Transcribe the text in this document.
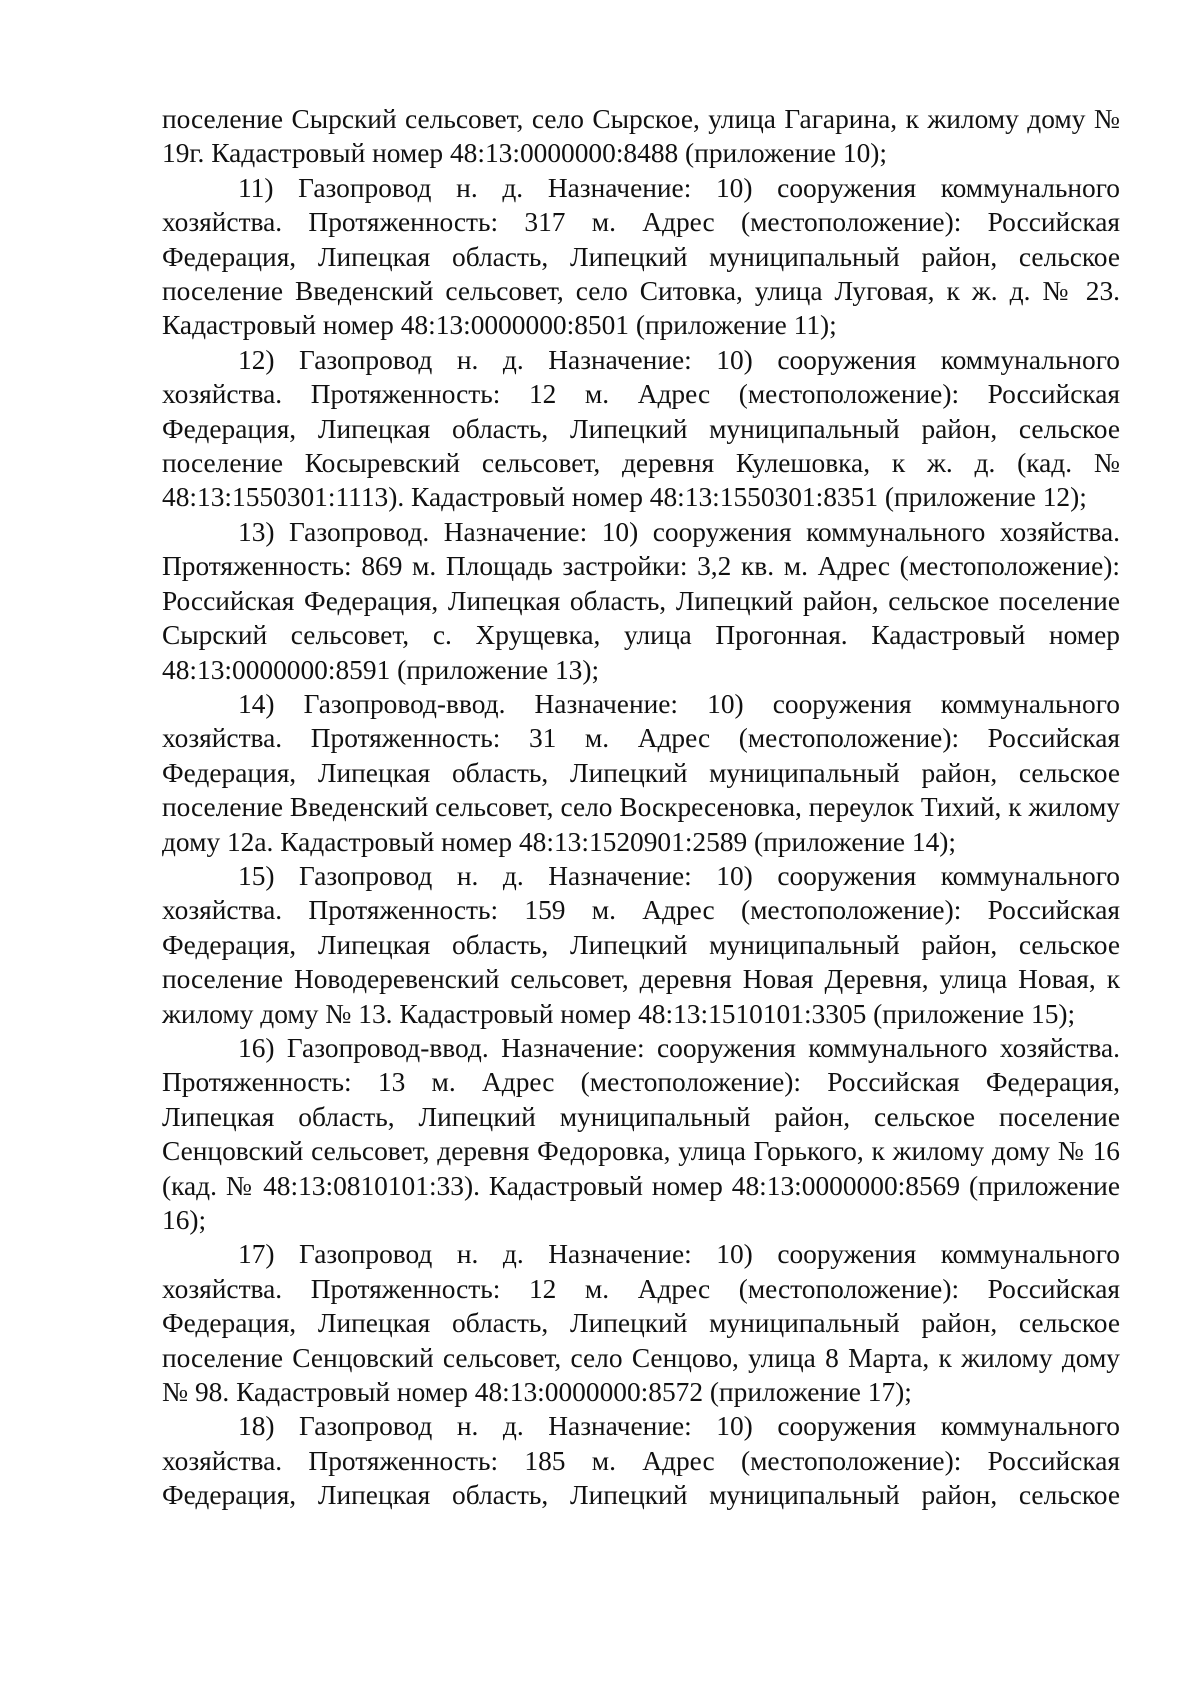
поселение Сырский сельсовет, село Сырское, улица Гагарина, к жилому дому № 19г. Кадастровый номер 48:13:0000000:8488 (приложение 10);

11) Газопровод н. д. Назначение: 10) сооружения коммунального хозяйства. Протяженность: 317 м. Адрес (местоположение): Российская Федерация, Липецкая область, Липецкий муниципальный район, сельское поселение Введенский сельсовет, село Ситовка, улица Луговая, к ж. д. № 23. Кадастровый номер 48:13:0000000:8501 (приложение 11);

12) Газопровод н. д. Назначение: 10) сооружения коммунального хозяйства. Протяженность: 12 м. Адрес (местоположение): Российская Федерация, Липецкая область, Липецкий муниципальный район, сельское поселение Косыревский сельсовет, деревня Кулешовка, к ж. д. (кад. № 48:13:1550301:1113). Кадастровый номер 48:13:1550301:8351 (приложение 12);

13) Газопровод. Назначение: 10) сооружения коммунального хозяйства. Протяженность: 869 м. Площадь застройки: 3,2 кв. м. Адрес (местоположение): Российская Федерация, Липецкая область, Липецкий район, сельское поселение Сырский сельсовет, с. Хрущевка, улица Прогонная. Кадастровый номер 48:13:0000000:8591 (приложение 13);

14) Газопровод-ввод. Назначение: 10) сооружения коммунального хозяйства. Протяженность: 31 м. Адрес (местоположение): Российская Федерация, Липецкая область, Липецкий муниципальный район, сельское поселение Введенский сельсовет, село Воскресеновка, переулок Тихий, к жилому дому 12а. Кадастровый номер 48:13:1520901:2589 (приложение 14);

15) Газопровод н. д. Назначение: 10) сооружения коммунального хозяйства. Протяженность: 159 м. Адрес (местоположение): Российская Федерация, Липецкая область, Липецкий муниципальный район, сельское поселение Новодеревенский сельсовет, деревня Новая Деревня, улица Новая, к жилому дому № 13. Кадастровый номер 48:13:1510101:3305 (приложение 15);

16) Газопровод-ввод. Назначение: сооружения коммунального хозяйства. Протяженность: 13 м. Адрес (местоположение): Российская Федерация, Липецкая область, Липецкий муниципальный район, сельское поселение Сенцовский сельсовет, деревня Федоровка, улица Горького, к жилому дому № 16 (кад. № 48:13:0810101:33). Кадастровый номер 48:13:0000000:8569 (приложение 16);

17) Газопровод н. д. Назначение: 10) сооружения коммунального хозяйства. Протяженность: 12 м. Адрес (местоположение): Российская Федерация, Липецкая область, Липецкий муниципальный район, сельское поселение Сенцовский сельсовет, село Сенцово, улица 8 Марта, к жилому дому № 98. Кадастровый номер 48:13:0000000:8572 (приложение 17);

18) Газопровод н. д. Назначение: 10) сооружения коммунального хозяйства. Протяженность: 185 м. Адрес (местоположение): Российская Федерация, Липецкая область, Липецкий муниципальный район, сельское
